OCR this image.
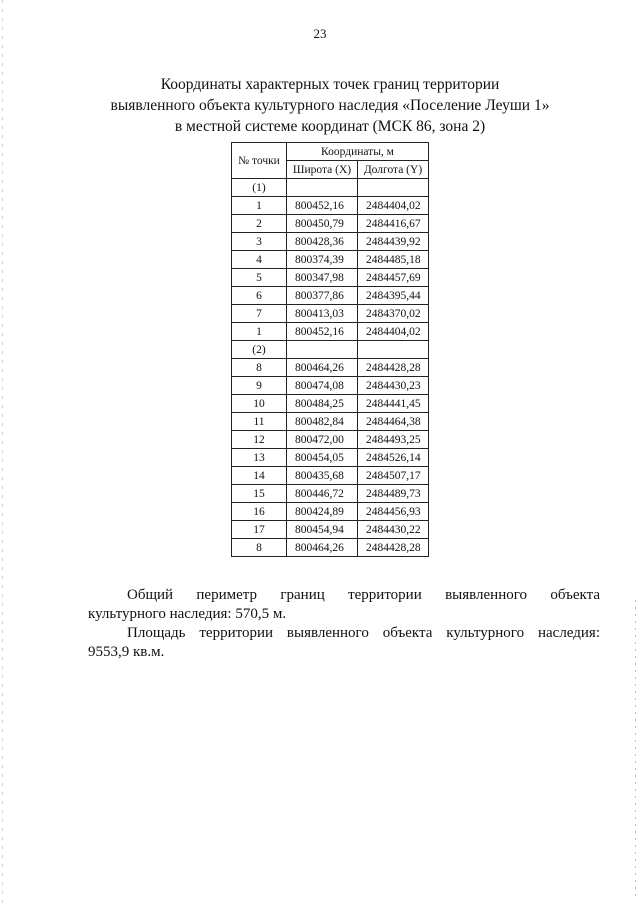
23
Координаты характерных точек границ территории
выявленного объекта культурного наследия «Поселение Леуши 1»
в местной системе координат (МСК 86, зона 2)
№ точки	Координаты, м	
	Широта (X)	Долгота (Y)
(1)		
1	800452,16	2484404,02
2	800450,79	2484416,67
3	800428,36	2484439,92
4	800374,39	2484485,18
5	800347,98	2484457,69
6	800377,86	2484395,44
7	800413,03	2484370,02
1	800452,16	2484404,02
(2)		
8	800464,26	2484428,28
9	800474,08	2484430,23
10	800484,25	2484441,45
11	800482,84	2484464,38
12	800472,00	2484493,25
13	800454,05	2484526,14
14	800435,68	2484507,17
15	800446,72	2484489,73
16	800424,89	2484456,93
17	800454,94	2484430,22
8	800464,26	2484428,28
Общий периметр границ территории выявленного объекта
культурного наследия: 570,5 м.
Площадь территории выявленного объекта культурного наследия:
9553,9 кв.м.
